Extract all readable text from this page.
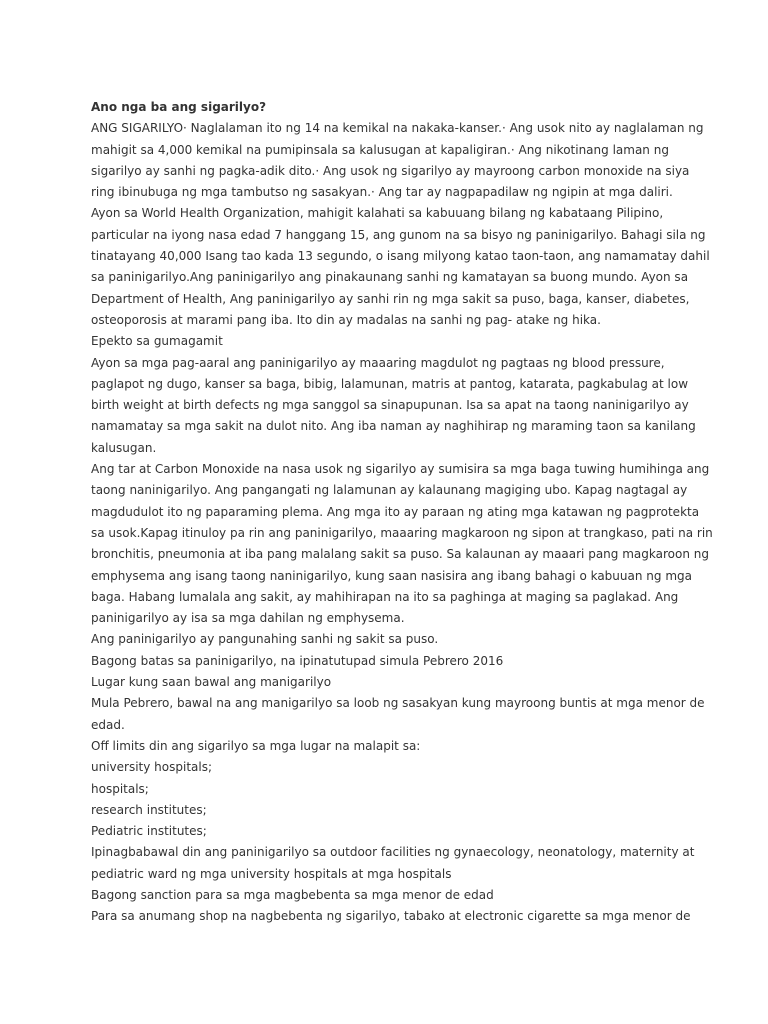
Ano nga ba ang sigarilyo?

ANG SIGARILYO· Naglalaman ito ng 14 na kemikal na nakaka-kanser.· Ang usok nito ay naglalaman ng
mahigit sa 4,000 kemikal na pumipinsala sa kalusugan at kapaligiran.· Ang nikotinang laman ng
sigarilyo ay sanhi ng pagka-adik dito.· Ang usok ng sigarilyo ay mayroong carbon monoxide na siya
ring ibinubuga ng mga tambutso ng sasakyan.· Ang tar ay nagpapadilaw ng ngipin at mga daliri.

Ayon sa World Health Organization, mahigit kalahati sa kabuuang bilang ng kabataang Pilipino,
particular na iyong nasa edad 7 hanggang 15, ang gunom na sa bisyo ng paninigarilyo. Bahagi sila ng
tinatayang 40,000 Isang tao kada 13 segundo, o isang milyong katao taon-taon, ang namamatay dahil
sa paninigarilyo.Ang paninigarilyo ang pinakaunang sanhi ng kamatayan sa buong mundo. Ayon sa
Department of Health, Ang paninigarilyo ay sanhi rin ng mga sakit sa puso, baga, kanser, diabetes,
osteoporosis at marami pang iba. Ito din ay madalas na sanhi ng pag- atake ng hika.

Epekto sa gumagamit

Ayon sa mga pag-aaral ang paninigarilyo ay maaaring magdulot ng pagtaas ng blood pressure,
paglapot ng dugo, kanser sa baga, bibig, lalamunan, matris at pantog, katarata, pagkabulag at low
birth weight at birth defects ng mga sanggol sa sinapupunan. Isa sa apat na taong naninigarilyo ay
namamatay sa mga sakit na dulot nito. Ang iba naman ay naghihirap ng maraming taon sa kanilang
kalusugan.

Ang tar at Carbon Monoxide na nasa usok ng sigarilyo ay sumisira sa mga baga tuwing humihinga ang
taong naninigarilyo. Ang pangangati ng lalamunan ay kalaunang magiging ubo. Kapag nagtagal ay
magdudulot ito ng paparaming plema. Ang mga ito ay paraan ng ating mga katawan ng pagprotekta
sa usok.Kapag itinuloy pa rin ang paninigarilyo, maaaring magkaroon ng sipon at trangkaso, pati na rin
bronchitis, pneumonia at iba pang malalang sakit sa puso. Sa kalaunan ay maaari pang magkaroon ng
emphysema ang isang taong naninigarilyo, kung saan nasisira ang ibang bahagi o kabuuan ng mga
baga. Habang lumalala ang sakit, ay mahihirapan na ito sa paghinga at maging sa paglakad. Ang
paninigarilyo ay isa sa mga dahilan ng emphysema.

Ang paninigarilyo ay pangunahing sanhi ng sakit sa puso.

Bagong batas sa paninigarilyo, na ipinatutupad simula Pebrero 2016

Lugar kung saan bawal ang manigarilyo

Mula Pebrero, bawal na ang manigarilyo sa loob ng sasakyan kung mayroong buntis at mga menor de
edad.

Off limits din ang sigarilyo sa mga lugar na malapit sa:

university hospitals;

hospitals;

research institutes;

Pediatric institutes;

Ipinagbabawal din ang paninigarilyo sa outdoor facilities ng gynaecology, neonatology, maternity at
pediatric ward ng mga university hospitals at mga hospitals

Bagong sanction para sa mga magbebenta sa mga menor de edad

Para sa anumang shop na nagbebenta ng sigarilyo, tabako at electronic cigarette sa mga menor de
